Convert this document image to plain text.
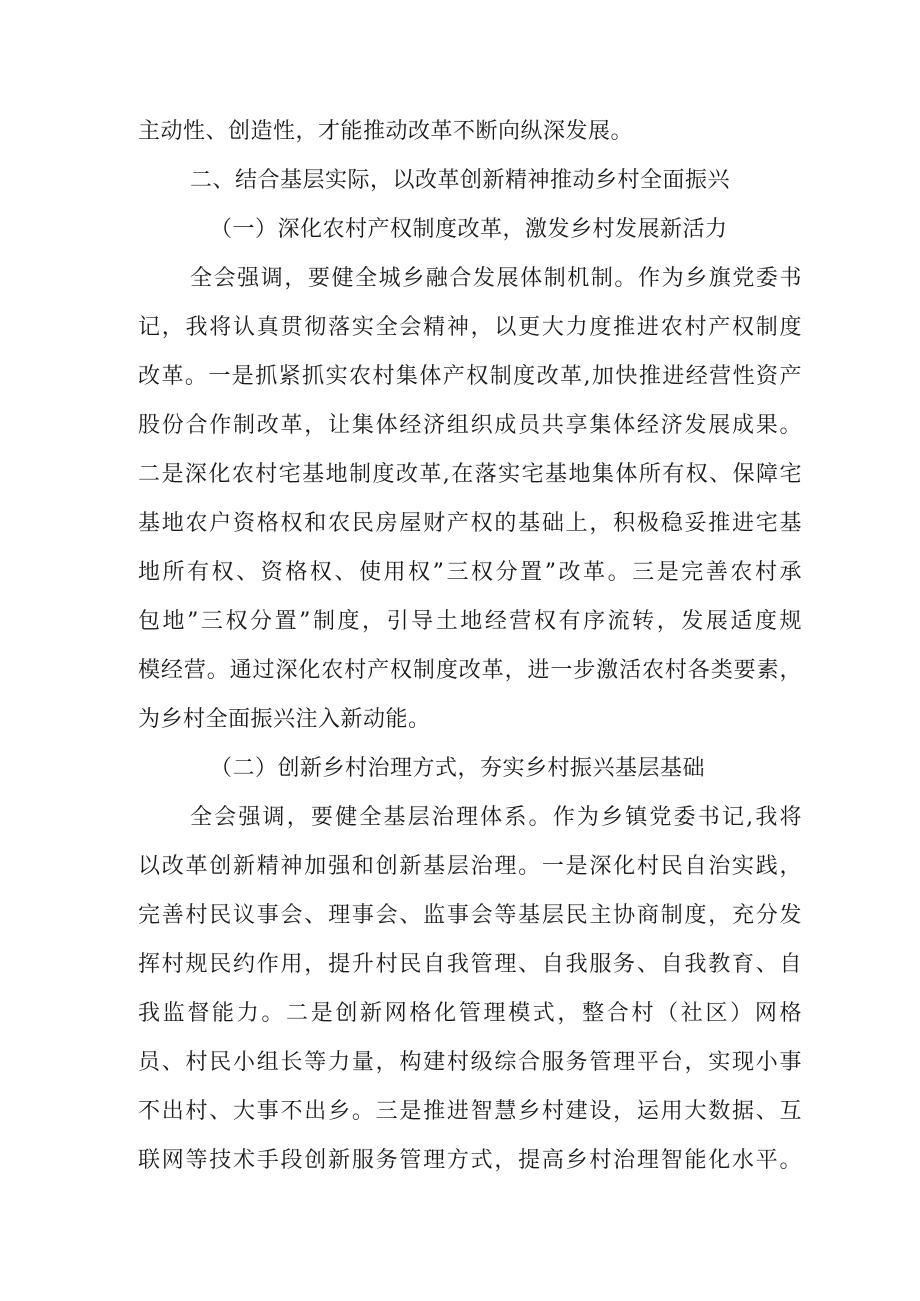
主动性、创造性，才能推动改革不断向纵深发展。
二、结合基层实际，以改革创新精神推动乡村全面振兴
（一）深化农村产权制度改革，激发乡村发展新活力
全会强调，要健全城乡融合发展体制机制。作为乡旗党委书
记，我将认真贯彻落实全会精神，以更大力度推进农村产权制度
改革。一是抓紧抓实农村集体产权制度改革,加快推进经营性资产
股份合作制改革，让集体经济组织成员共享集体经济发展成果。
二是深化农村宅基地制度改革,在落实宅基地集体所有权、保障宅
基地农户资格权和农民房屋财产权的基础上，积极稳妥推进宅基
地所有权、资格权、使用权”三权分置”改革。三是完善农村承
包地”三权分置”制度，引导土地经营权有序流转，发展适度规
模经营。通过深化农村产权制度改革，进一步激活农村各类要素，
为乡村全面振兴注入新动能。
（二）创新乡村治理方式，夯实乡村振兴基层基础
全会强调，要健全基层治理体系。作为乡镇党委书记,我将
以改革创新精神加强和创新基层治理。一是深化村民自治实践，
完善村民议事会、理事会、监事会等基层民主协商制度，充分发
挥村规民约作用，提升村民自我管理、自我服务、自我教育、自
我监督能力。二是创新网格化管理模式，整合村（社区）网格
员、村民小组长等力量，构建村级综合服务管理平台，实现小事
不出村、大事不出乡。三是推进智慧乡村建设，运用大数据、互
联网等技术手段创新服务管理方式，提高乡村治理智能化水平。
